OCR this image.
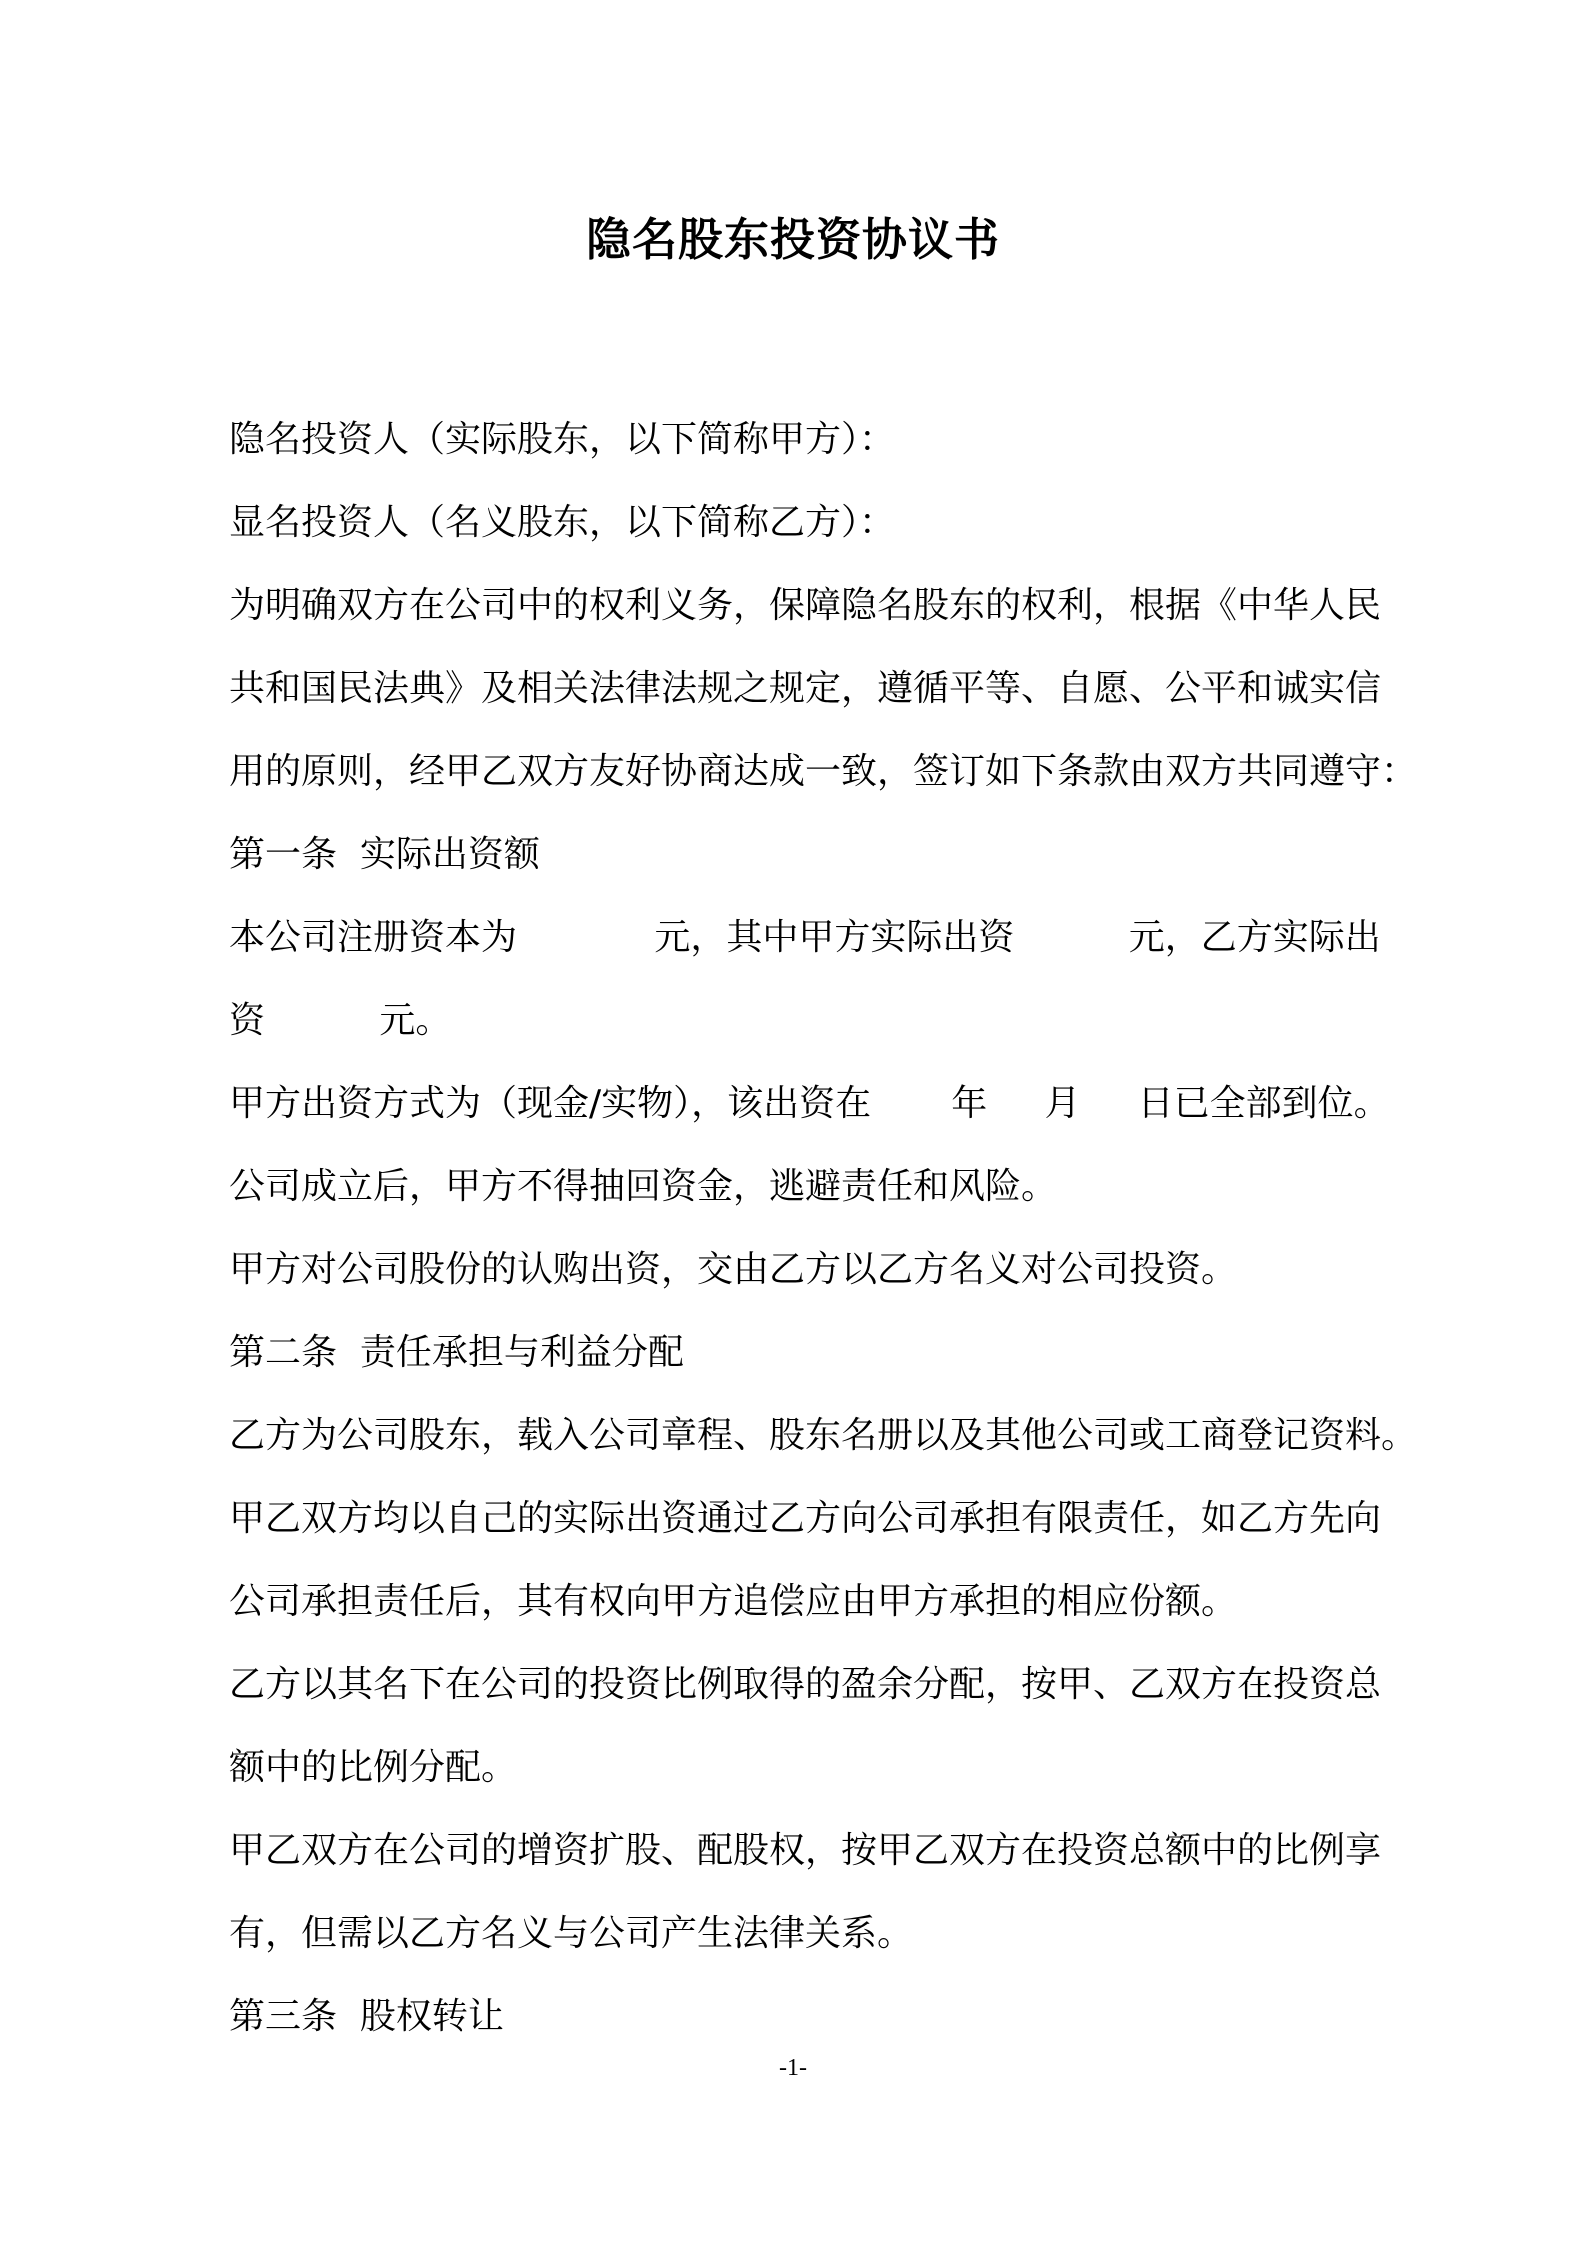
隐名股东投资协议书
隐名投资人（实际股东，以下简称甲方）：
显名投资人（名义股东，以下简称乙方）：
为明确双方在公司中的权利义务，保障隐名股东的权利，根据《中华人民
共和国民法典》及相关法律法规之规定，遵循平等、自愿、公平和诚实信
用的原则，经甲乙双方友好协商达成一致，签订如下条款由双方共同遵守：
第一条  实际出资额
本公司注册资本为            元，其中甲方实际出资          元，乙方实际出
资          元。
甲方出资方式为（现金/实物），该出资在       年     月     日已全部到位。
公司成立后，甲方不得抽回资金，逃避责任和风险。
甲方对公司股份的认购出资，交由乙方以乙方名义对公司投资。
第二条  责任承担与利益分配
乙方为公司股东，载入公司章程、股东名册以及其他公司或工商登记资料。
甲乙双方均以自己的实际出资通过乙方向公司承担有限责任，如乙方先向
公司承担责任后，其有权向甲方追偿应由甲方承担的相应份额。
乙方以其名下在公司的投资比例取得的盈余分配，按甲、乙双方在投资总
额中的比例分配。
甲乙双方在公司的增资扩股、配股权，按甲乙双方在投资总额中的比例享
有，但需以乙方名义与公司产生法律关系。
第三条  股权转让
-1-
